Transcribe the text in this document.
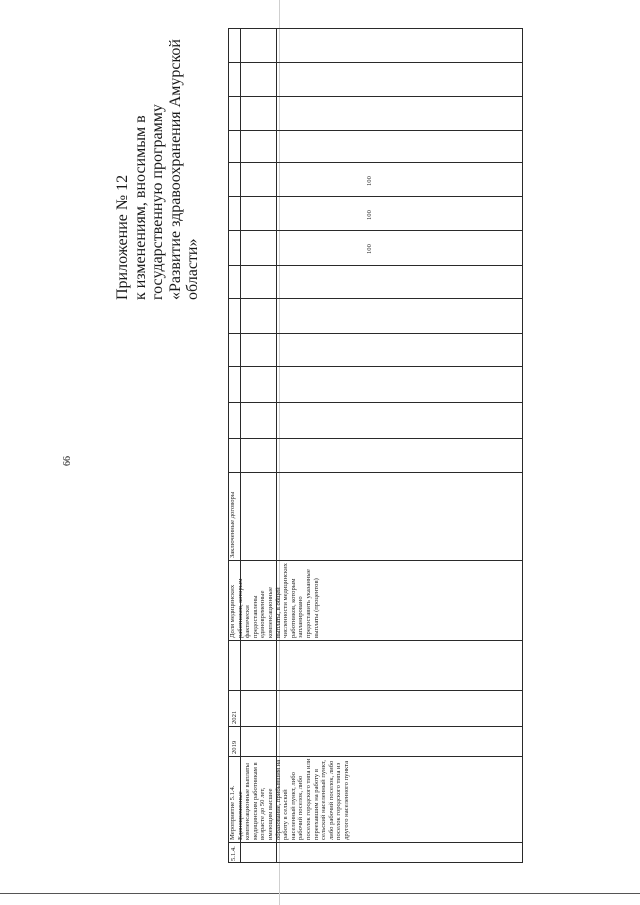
66
Приложение № 12 к изменениям, вносимым в государственную программу «Развитие здравоохранения Амурской области»
5.1.4.
Мероприятие 5.1.4. Единовременные компенсационные выплаты медицинским работникам в возрасте до 50 лет, имеющим высшее образование, прибывшим на работу в сельский населенный пункт, либо рабочий поселок, либо поселок городского типа или переехавшим на работу в сельский населенный пункт, либо рабочий поселок, либо поселок городского типа из другого населенного пункта
2019
2021
Доля медицинских работников, которым фактически предоставлены единовременные компенсационные выплаты, в общей численности медицинских работников, которым запланировано предоставить указанные выплаты (процентов)
Заключенные договоры
100
100
100
